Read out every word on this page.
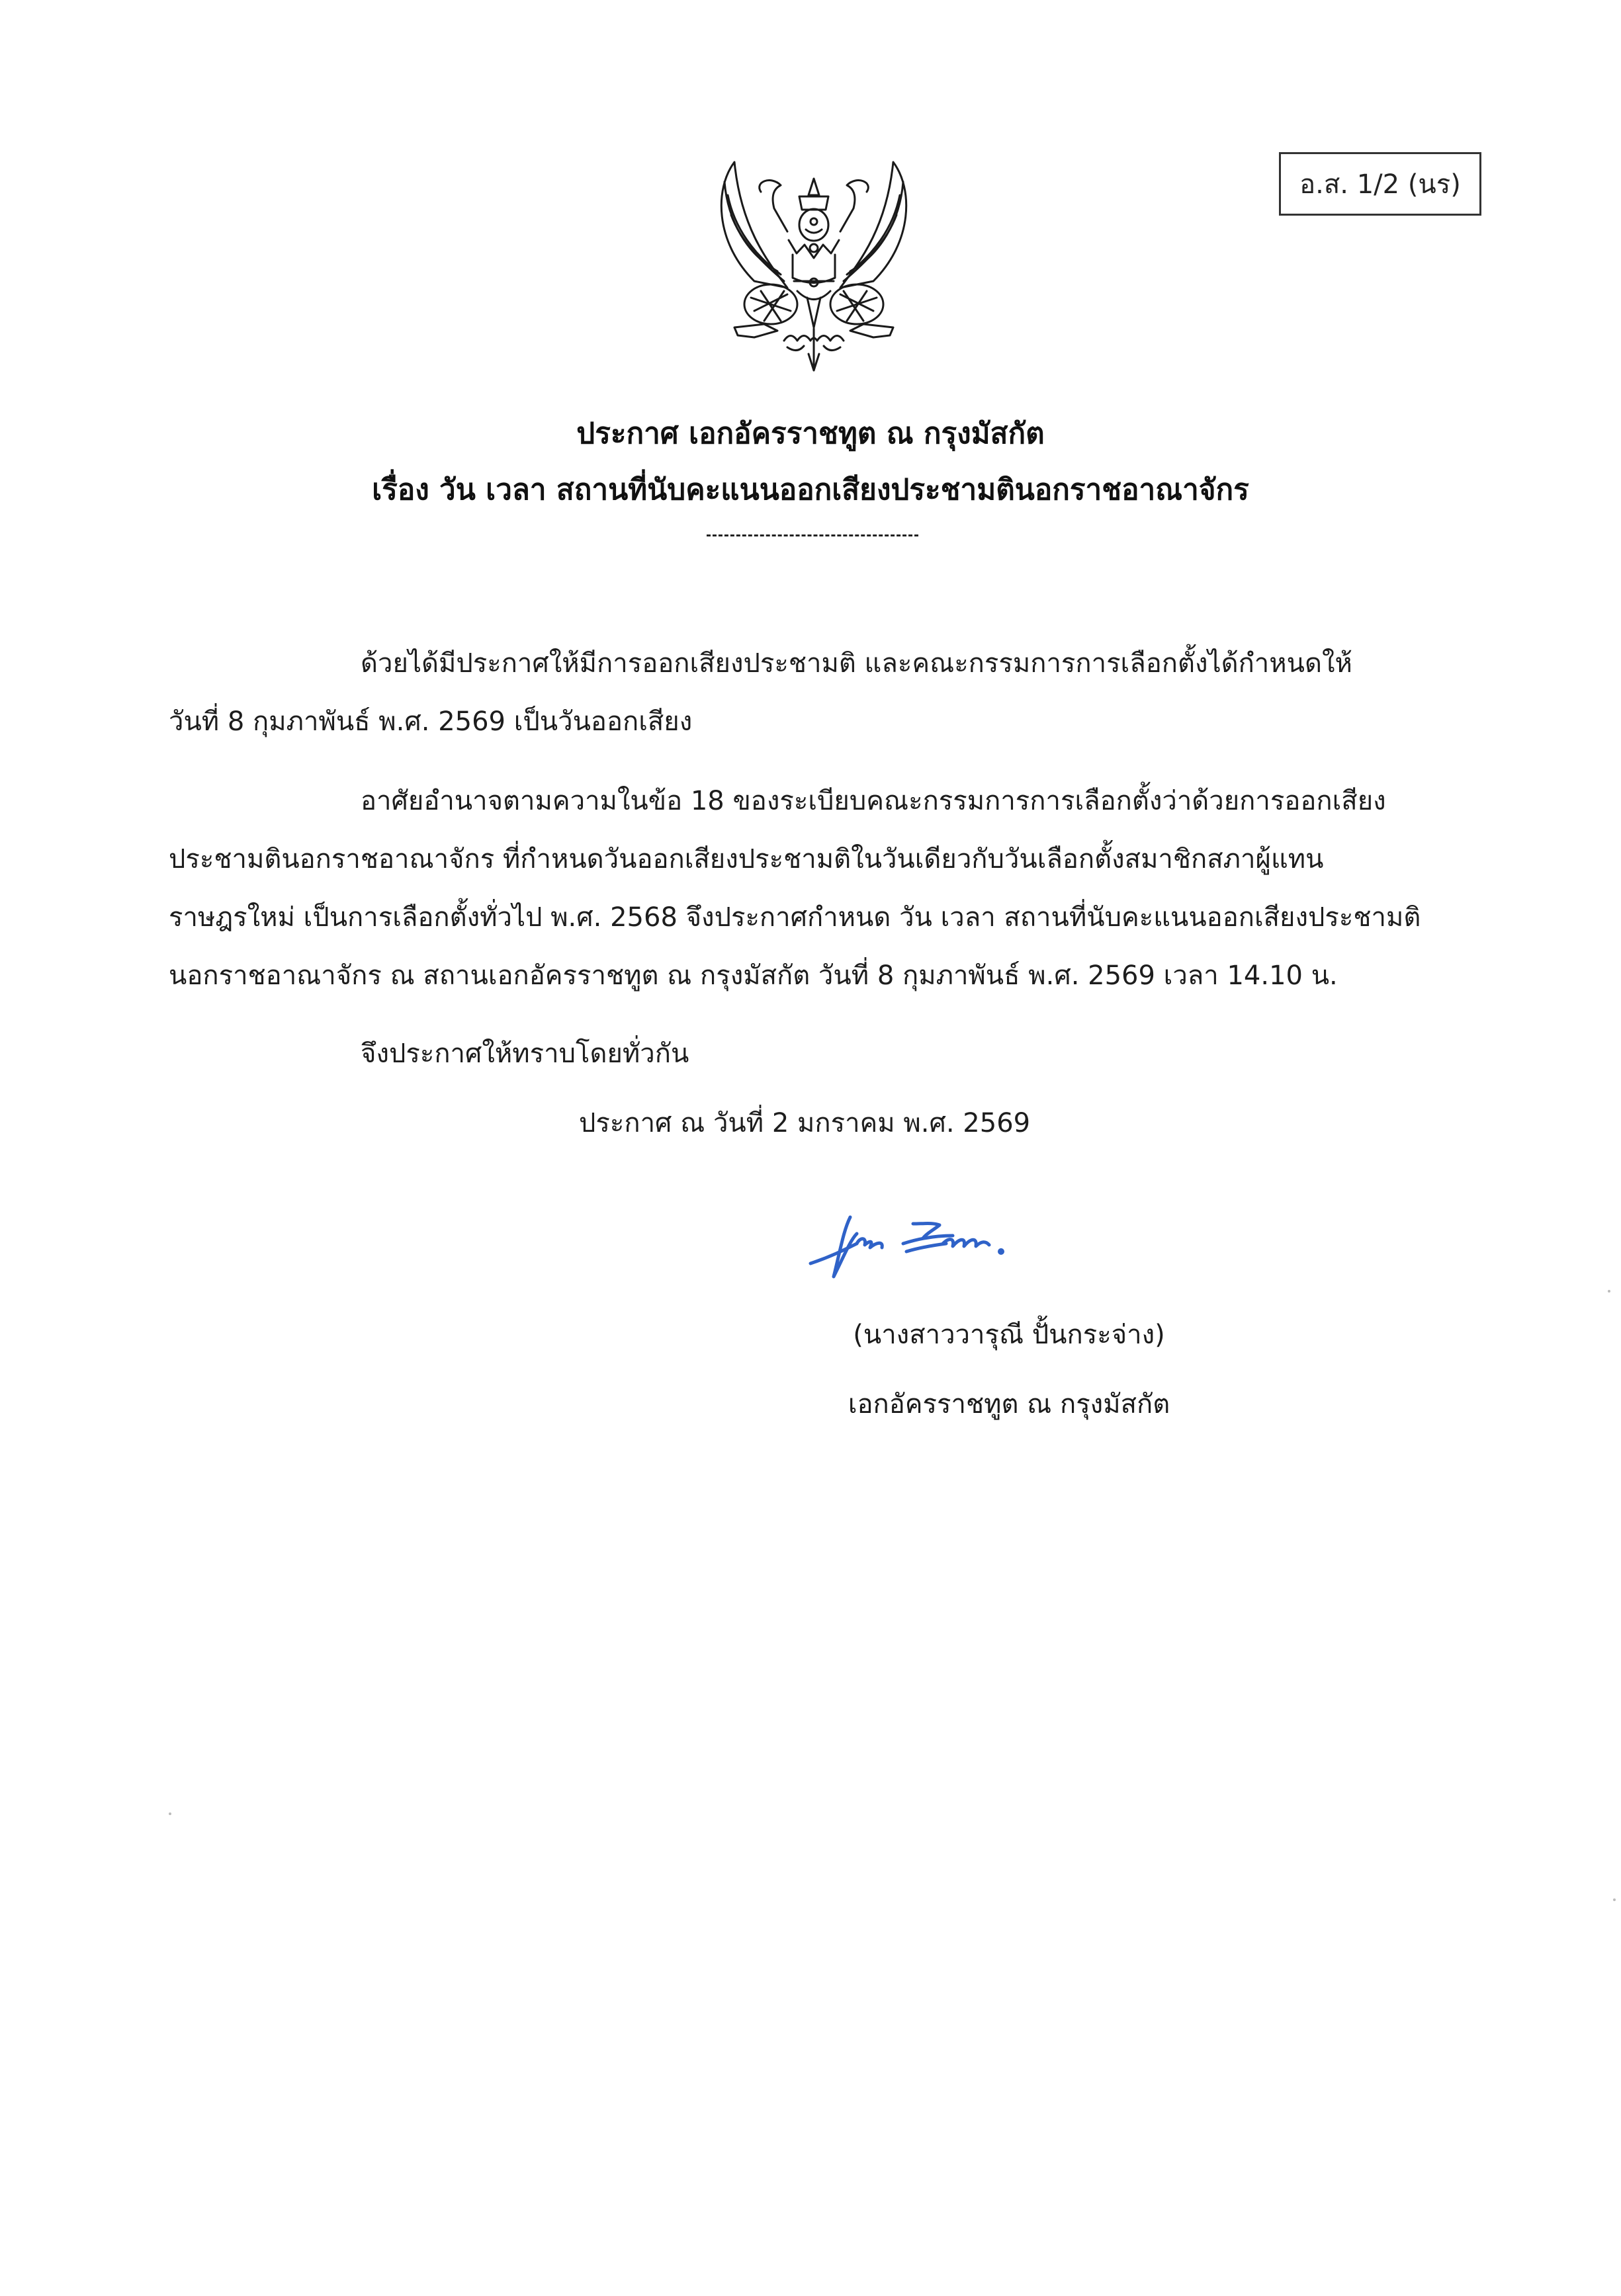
อ.ส. 1/2 (นร)
ประกาศ เอกอัครราชทูต ณ กรุงมัสกัต
เรื่อง วัน เวลา สถานที่นับคะแนนออกเสียงประชามตินอกราชอาณาจักร
ด้วยได้มีประกาศให้มีการออกเสียงประชามติ และคณะกรรมการการเลือกตั้งได้กำหนดให้
วันที่ 8 กุมภาพันธ์ พ.ศ. 2569 เป็นวันออกเสียง
อาศัยอำนาจตามความในข้อ 18 ของระเบียบคณะกรรมการการเลือกตั้งว่าด้วยการออกเสียง
ประชามตินอกราชอาณาจักร ที่กำหนดวันออกเสียงประชามติในวันเดียวกับวันเลือกตั้งสมาชิกสภาผู้แทน
ราษฎรใหม่ เป็นการเลือกตั้งทั่วไป พ.ศ. 2568 จึงประกาศกำหนด วัน เวลา สถานที่นับคะแนนออกเสียงประชามติ
นอกราชอาณาจักร ณ สถานเอกอัครราชทูต ณ กรุงมัสกัต วันที่ 8 กุมภาพันธ์ พ.ศ. 2569 เวลา 14.10 น.
จึงประกาศให้ทราบโดยทั่วกัน
ประกาศ ณ วันที่ 2 มกราคม พ.ศ. 2569
(นางสาววารุณี ปั้นกระจ่าง)
เอกอัครราชทูต ณ กรุงมัสกัต
